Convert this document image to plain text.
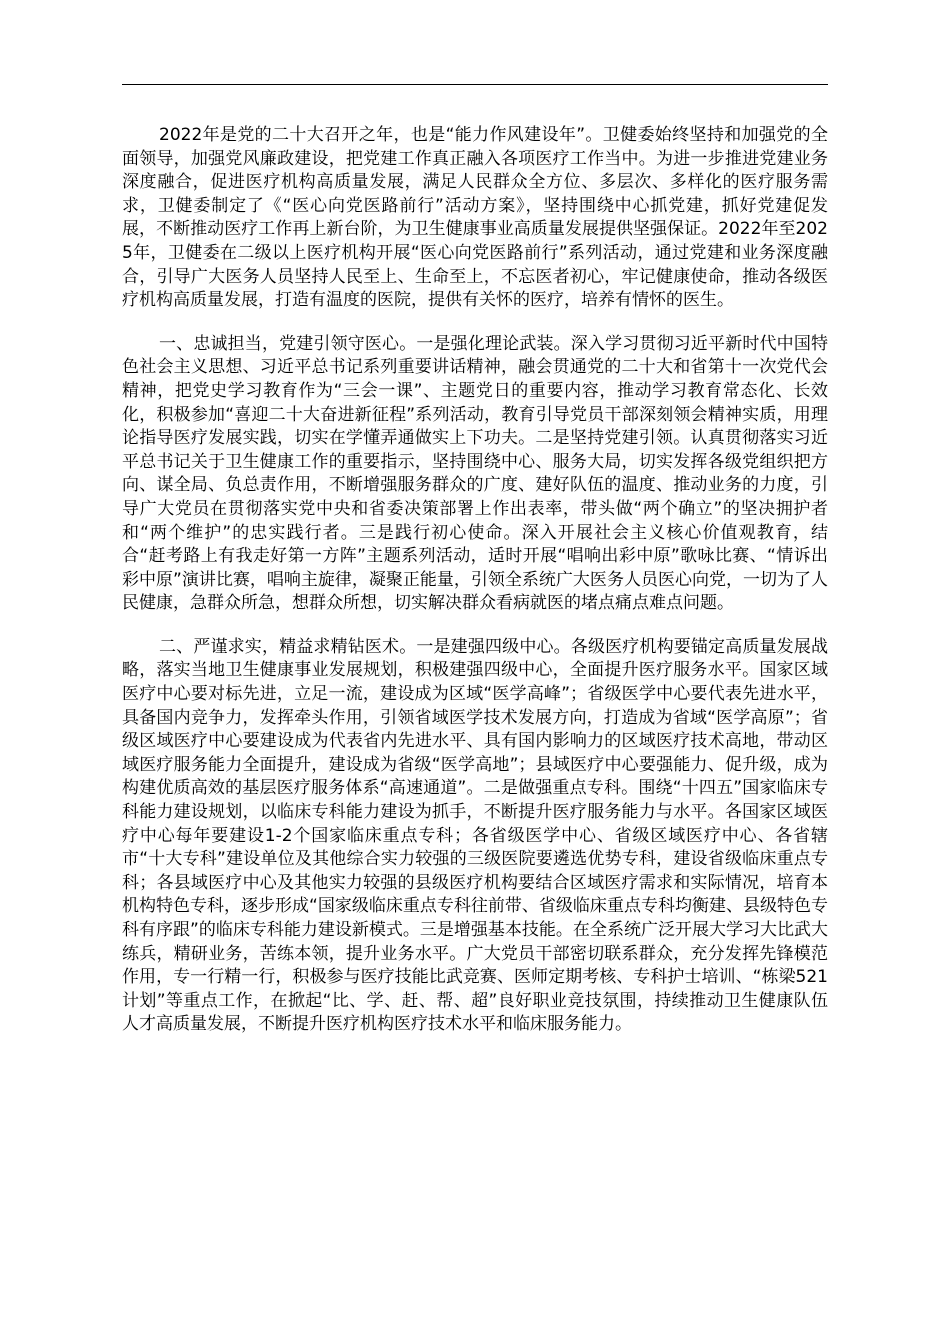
2022年是党的二十大召开之年，也是“能力作风建设年”。卫健委始终坚持和加强党的全面领导，加强党风廉政建设，把党建工作真正融入各项医疗工作当中。为进一步推进党建业务深度融合，促进医疗机构高质量发展，满足人民群众全方位、多层次、多样化的医疗服务需求，卫健委制定了《“医心向党医路前行”活动方案》，坚持围绕中心抓党建，抓好党建促发展，不断推动医疗工作再上新台阶，为卫生健康事业高质量发展提供坚强保证。2022年至2025年，卫健委在二级以上医疗机构开展“医心向党医路前行”系列活动，通过党建和业务深度融合，引导广大医务人员坚持人民至上、生命至上，不忘医者初心，牢记健康使命，推动各级医疗机构高质量发展，打造有温度的医院，提供有关怀的医疗，培养有情怀的医生。

一、忠诚担当，党建引领守医心。一是强化理论武装。深入学习贯彻习近平新时代中国特色社会主义思想、习近平总书记系列重要讲话精神，融会贯通党的二十大和省第十一次党代会精神，把党史学习教育作为“三会一课”、主题党日的重要内容，推动学习教育常态化、长效化，积极参加“喜迎二十大奋进新征程”系列活动，教育引导党员干部深刻领会精神实质，用理论指导医疗发展实践，切实在学懂弄通做实上下功夫。二是坚持党建引领。认真贯彻落实习近平总书记关于卫生健康工作的重要指示，坚持围绕中心、服务大局，切实发挥各级党组织把方向、谋全局、负总责作用，不断增强服务群众的广度、建好队伍的温度、推动业务的力度，引导广大党员在贯彻落实党中央和省委决策部署上作出表率，带头做“两个确立”的坚决拥护者和“两个维护”的忠实践行者。三是践行初心使命。深入开展社会主义核心价值观教育，结合“赶考路上有我走好第一方阵”主题系列活动，适时开展“唱响出彩中原”歌咏比赛、“情诉出彩中原”演讲比赛，唱响主旋律，凝聚正能量，引领全系统广大医务人员医心向党，一切为了人民健康，急群众所急，想群众所想，切实解决群众看病就医的堵点痛点难点问题。

二、严谨求实，精益求精钻医术。一是建强四级中心。各级医疗机构要锚定高质量发展战略，落实当地卫生健康事业发展规划，积极建强四级中心，全面提升医疗服务水平。国家区域医疗中心要对标先进，立足一流，建设成为区域“医学高峰”；省级医学中心要代表先进水平，具备国内竞争力，发挥牵头作用，引领省域医学技术发展方向，打造成为省域“医学高原”；省级区域医疗中心要建设成为代表省内先进水平、具有国内影响力的区域医疗技术高地，带动区域医疗服务能力全面提升，建设成为省级“医学高地”；县域医疗中心要强能力、促升级，成为构建优质高效的基层医疗服务体系“高速通道”。二是做强重点专科。围绕“十四五”国家临床专科能力建设规划，以临床专科能力建设为抓手，不断提升医疗服务能力与水平。各国家区域医疗中心每年要建设1-2个国家临床重点专科；各省级医学中心、省级区域医疗中心、各省辖市“十大专科”建设单位及其他综合实力较强的三级医院要遴选优势专科，建设省级临床重点专科；各县域医疗中心及其他实力较强的县级医疗机构要结合区域医疗需求和实际情况，培育本机构特色专科，逐步形成“国家级临床重点专科往前带、省级临床重点专科均衡建、县级特色专科有序跟”的临床专科能力建设新模式。三是增强基本技能。在全系统广泛开展大学习大比武大练兵，精研业务，苦练本领，提升业务水平。广大党员干部密切联系群众，充分发挥先锋模范作用，专一行精一行，积极参与医疗技能比武竞赛、医师定期考核、专科护士培训、“栋梁521计划”等重点工作，在掀起“比、学、赶、帮、超”良好职业竞技氛围，持续推动卫生健康队伍人才高质量发展，不断提升医疗机构医疗技术水平和临床服务能力。
